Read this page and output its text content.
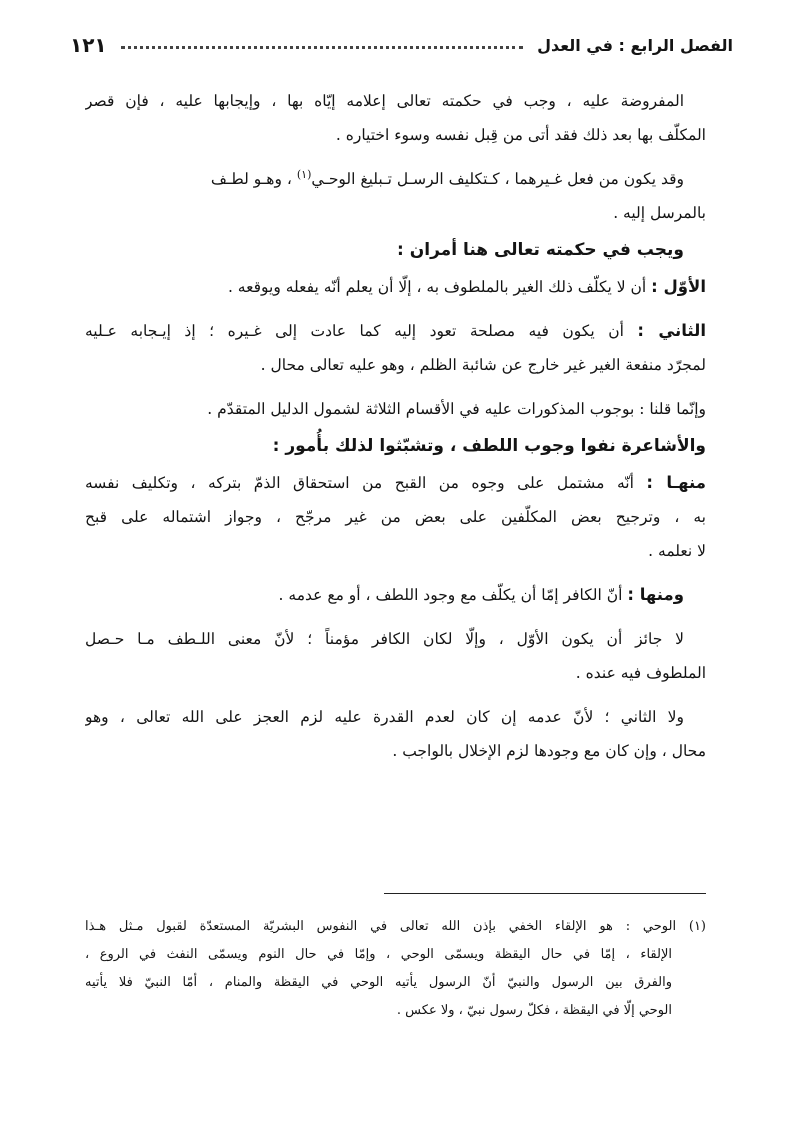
الفصل الرابع : في العدل
١٢١
المفروضة عليه ، وجب في حكمته تعالى إعلامه إيّاه بها ، وإيجابها عليه ، فإن قصر
المكلّف بها بعد ذلك فقد أتى من قِبل نفسه وسوء اختياره .
وقد يكون من فعل غـيرهما ، كـتكليف الرسـل تـبليغ الوحـي$^{(١)}$ ، وهـو لطـف
بالمرسل إليه .
ويجب في حكمته تعالى هنا أمران :
الأوّل : أن لا يكلّف ذلك الغير بالملطوف به ، إلّا أن يعلم أنّه يفعله ويوقعه .
الثاني : أن يكون فيه مصلحة تعود إليه كما عادت إلى غـيره ؛ إذ إيـجابه عـليه
لمجرّد منفعة الغير غير خارج عن شائبة الظلم ، وهو عليه تعالى محال .
وإنّما قلنا : بوجوب المذكورات عليه في الأقسام الثلاثة لشمول الدليل المتقدّم .
والأشاعرة نفوا وجوب اللطف ، وتشبّثوا لذلك بأُمور :
منهـا : أنّه مشتمل على وجوه من القبح من استحقاق الذمّ بتركه ، وتكليف نفسه
به ، وترجيح بعض المكلّفين على بعض من غير مرجّح ، وجواز اشتماله على قبح
لا نعلمه .
ومنها : أنّ الكافر إمّا أن يكلّف مع وجود اللطف ، أو مع عدمه .
لا جائز أن يكون الأوّل ، وإلّا لكان الكافر مؤمناً ؛ لأنّ معنى اللـطف مـا حـصل
الملطوف فيه عنده .
ولا الثاني ؛ لأنّ عدمه إن كان لعدم القدرة عليه لزم العجز على الله تعالى ، وهو
محال ، وإن كان مع وجودها لزم الإخلال بالواجب .
(١) الوحي : هو الإلقاء الخفي بإذن الله تعالى في النفوس البشريّة المستعدّة لقبول مـثل هـذا
الإلقاء ، إمّا في حال اليقظة ويسمّى الوحي ، وإمّا في حال النوم ويسمّى النفث في الروع ،
والفرق بين الرسول والنبيّ أنّ الرسول يأتيه الوحي في اليقظة والمنام ، أمّا النبيّ فلا يأتيه
الوحي إلّا في اليقظة ، فكلّ رسول نبيّ ، ولا عكس .
